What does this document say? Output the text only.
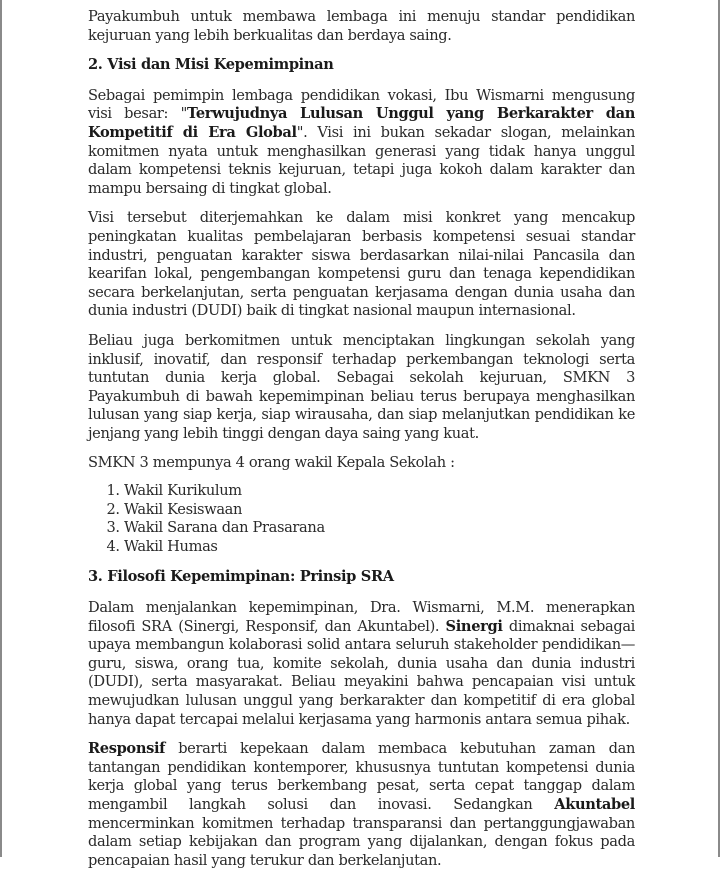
Payakumbuh untuk membawa lembaga ini menuju standar pendidikan kejuruan yang lebih berkualitas dan berdaya saing.

2. Visi dan Misi Kepemimpinan

Sebagai pemimpin lembaga pendidikan vokasi, Ibu Wismarni mengusung visi besar: "Terwujudnya Lulusan Unggul yang Berkarakter dan Kompetitif di Era Global". Visi ini bukan sekadar slogan, melainkan komitmen nyata untuk menghasilkan generasi yang tidak hanya unggul dalam kompetensi teknis kejuruan, tetapi juga kokoh dalam karakter dan mampu bersaing di tingkat global.

Visi tersebut diterjemahkan ke dalam misi konkret yang mencakup peningkatan kualitas pembelajaran berbasis kompetensi sesuai standar industri, penguatan karakter siswa berdasarkan nilai-nilai Pancasila dan kearifan lokal, pengembangan kompetensi guru dan tenaga kependidikan secara berkelanjutan, serta penguatan kerjasama dengan dunia usaha dan dunia industri (DUDI) baik di tingkat nasional maupun internasional.

Beliau juga berkomitmen untuk menciptakan lingkungan sekolah yang inklusif, inovatif, dan responsif terhadap perkembangan teknologi serta tuntutan dunia kerja global. Sebagai sekolah kejuruan, SMKN 3 Payakumbuh di bawah kepemimpinan beliau terus berupaya menghasilkan lulusan yang siap kerja, siap wirausaha, dan siap melanjutkan pendidikan ke jenjang yang lebih tinggi dengan daya saing yang kuat.

SMKN 3 mempunya 4 orang wakil Kepala Sekolah :

1. Wakil Kurikulum
2. Wakil Kesiswaan
3. Wakil Sarana dan Prasarana
4. Wakil Humas
3. Filosofi Kepemimpinan: Prinsip SRA

Dalam menjalankan kepemimpinan, Dra. Wismarni, M.M. menerapkan filosofi SRA (Sinergi, Responsif, dan Akuntabel). Sinergi dimaknai sebagai upaya membangun kolaborasi solid antara seluruh stakeholder pendidikan—guru, siswa, orang tua, komite sekolah, dunia usaha dan dunia industri (DUDI), serta masyarakat. Beliau meyakini bahwa pencapaian visi untuk mewujudkan lulusan unggul yang berkarakter dan kompetitif di era global hanya dapat tercapai melalui kerjasama yang harmonis antara semua pihak.

Responsif berarti kepekaan dalam membaca kebutuhan zaman dan tantangan pendidikan kontemporer, khususnya tuntutan kompetensi dunia kerja global yang terus berkembang pesat, serta cepat tanggap dalam mengambil langkah solusi dan inovasi. Sedangkan Akuntabel mencerminkan komitmen terhadap transparansi dan pertanggungjawaban dalam setiap kebijakan dan program yang dijalankan, dengan fokus pada pencapaian hasil yang terukur dan berkelanjutan.
